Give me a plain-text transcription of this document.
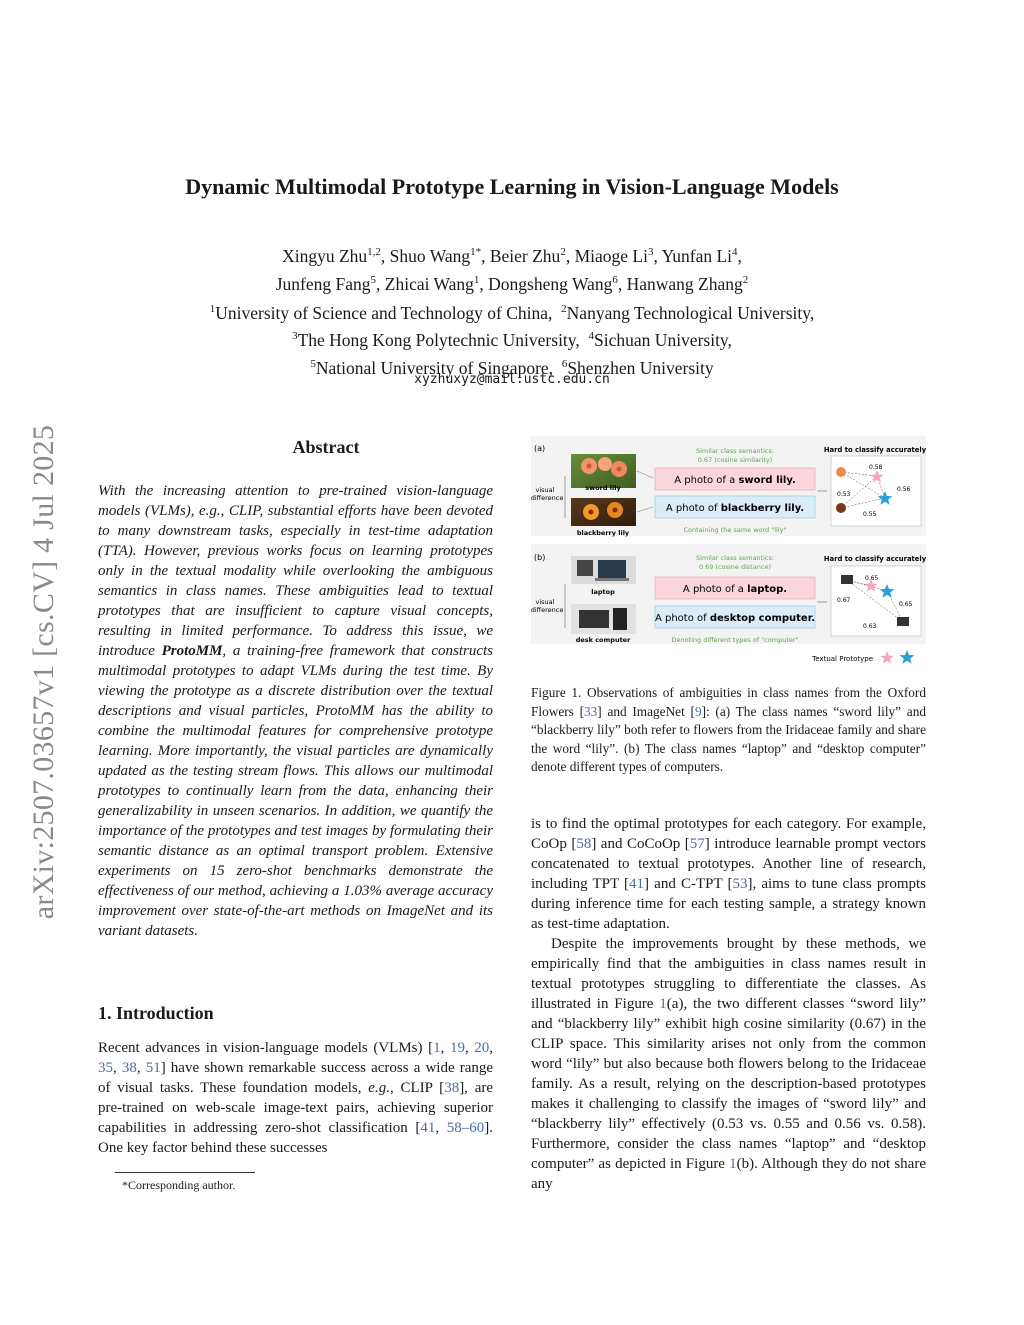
Dynamic Multimodal Prototype Learning in Vision-Language Models
Xingyu Zhu$^{1,2}$, Shuo Wang$^{1*}$, Beier Zhu$^2$, Miaoge Li$^3$, Yunfan Li$^4$,
Junfeng Fang$^5$, Zhicai Wang$^1$, Dongsheng Wang$^6$, Hanwang Zhang$^2$
$^1$University of Science and Technology of China, $^2$Nanyang Technological University,
$^3$The Hong Kong Polytechnic University, $^4$Sichuan University,
$^5$National University of Singapore, $^6$Shenzhen University
xyzhuxyz@mail.ustc.edu.cn
arXiv:2507.03657v1 [cs.CV] 4 Jul 2025	Abstract
With the increasing attention to pre-trained vision-language models (VLMs), e.g., CLIP, substantial efforts have been devoted to many downstream tasks, especially in test-time adaptation (TTA). However, previous works focus on learning prototypes only in the textual modality while overlooking the ambiguous semantics in class names. These ambiguities lead to textual prototypes that are insufficient to capture visual concepts, resulting in limited performance. To address this issue, we introduce ProtoMM, a training-free framework that constructs multimodal prototypes to adapt VLMs during the test time. By viewing the prototype as a discrete distribution over the textual descriptions and visual particles, ProtoMM has the ability to combine the multimodal features for comprehensive prototype learning. More importantly, the visual particles are dynamically updated as the testing stream flows. This allows our multimodal prototypes to continually learn from the data, enhancing their generalizability in unseen scenarios. In addition, we quantify the importance of the prototypes and test images by formulating their semantic distance as an optimal transport problem. Extensive experiments on 15 zero-shot benchmarks demonstrate the effectiveness of our method, achieving a 1.03% average accuracy improvement over state-of-the-art methods on ImageNet and its variant datasets.
1. Introduction
Recent advances in vision-language models (VLMs) [1, 19, 20, 35, 38, 51] have shown remarkable success across a wide range of visual tasks. These foundation models, e.g., CLIP [38], are pre-trained on web-scale image-text pairs, achieving superior capabilities in addressing zero-shot classification [41, 58–60]. One key factor behind these successes
*Corresponding author.
(a)
(b)
visual
difference
visual
difference
sword lily
blackberry lily
laptop
desk computer
Similar class semantics:
0.67 (cosine similarity)
Similar class semantics:
0.69 (cosine distance)
A photo of a sword lily.
A photo of blackberry lily.
Containing the same word "lily"
A photo of a laptop.
A photo of desktop computer.
Denoting different types of "computer"
Hard to classify accurately
Hard to classify accurately
0.58
0.56
0.53
0.55
0.65
0.65
0.67
0.63
Textual Prototype
Figure 1. Observations of ambiguities in class names from the Oxford Flowers [33] and ImageNet [9]: (a) The class names “sword lily” and “blackberry lily” both refer to flowers from the Iridaceae family and share the word “lily”. (b) The class names “laptop” and “desktop computer” denote different types of computers.

is to find the optimal prototypes for each category. For example, CoOp [58] and CoCoOp [57] introduce learnable prompt vectors concatenated to textual prototypes. Another line of research, including TPT [41] and C-TPT [53], aims to tune class prompts during inference time for each testing sample, a strategy known as test-time adaptation.

Despite the improvements brought by these methods, we empirically find that the ambiguities in class names result in textual prototypes struggling to differentiate the classes. As illustrated in Figure 1(a), the two different classes “sword lily” and “blackberry lily” exhibit high cosine similarity (0.67) in the CLIP space. This similarity arises not only from the common word “lily” but also because both flowers belong to the Iridaceae family. As a result, relying on the description-based prototypes makes it challenging to classify the images of “sword lily” and “blackberry lily” effectively (0.53 vs. 0.55 and 0.56 vs. 0.58). Furthermore, consider the class names “laptop” and “desktop computer” as depicted in Figure 1(b). Although they do not share any
